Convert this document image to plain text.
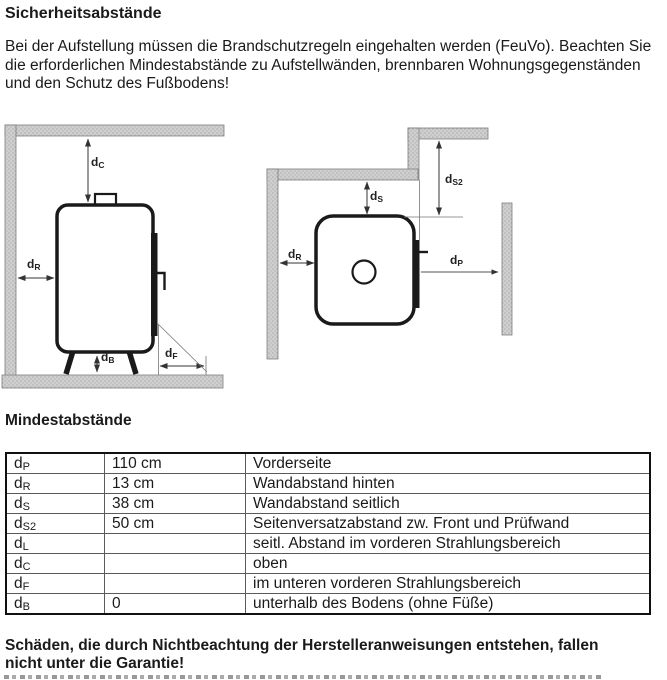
Sicherheitsabstände

Bei der Aufstellung müssen die Brandschutzregeln eingehalten werden (FeuVo). Beachten Sie die erforderlichen Mindestabstände zu Aufstellwänden, brennbaren Wohnungsgegenständen und den Schutz des Fußbodens!

$d_C$
$d_R$
$d_B$	$d_F$
$d_S$
$d_{S2}$
$d_R$	$d_P$
Mindestabstände
$d_P$	110 cm	Vorderseite
$d_R$	13 cm	Wandabstand hinten
$d_S$	38 cm	Wandabstand seitlich
$d_{S2}$	50 cm	Seitenversatzabstand zw. Front und Prüfwand
$d_L$		seitl. Abstand im vorderen Strahlungsbereich
$d_C$		oben
$d_F$		im unteren vorderen Strahlungsbereich
$d_B$	0	unterhalb des Bodens (ohne Füße)

Schäden, die durch Nichtbeachtung der Herstelleranweisungen entstehen, fallen nicht unter die Garantie!
